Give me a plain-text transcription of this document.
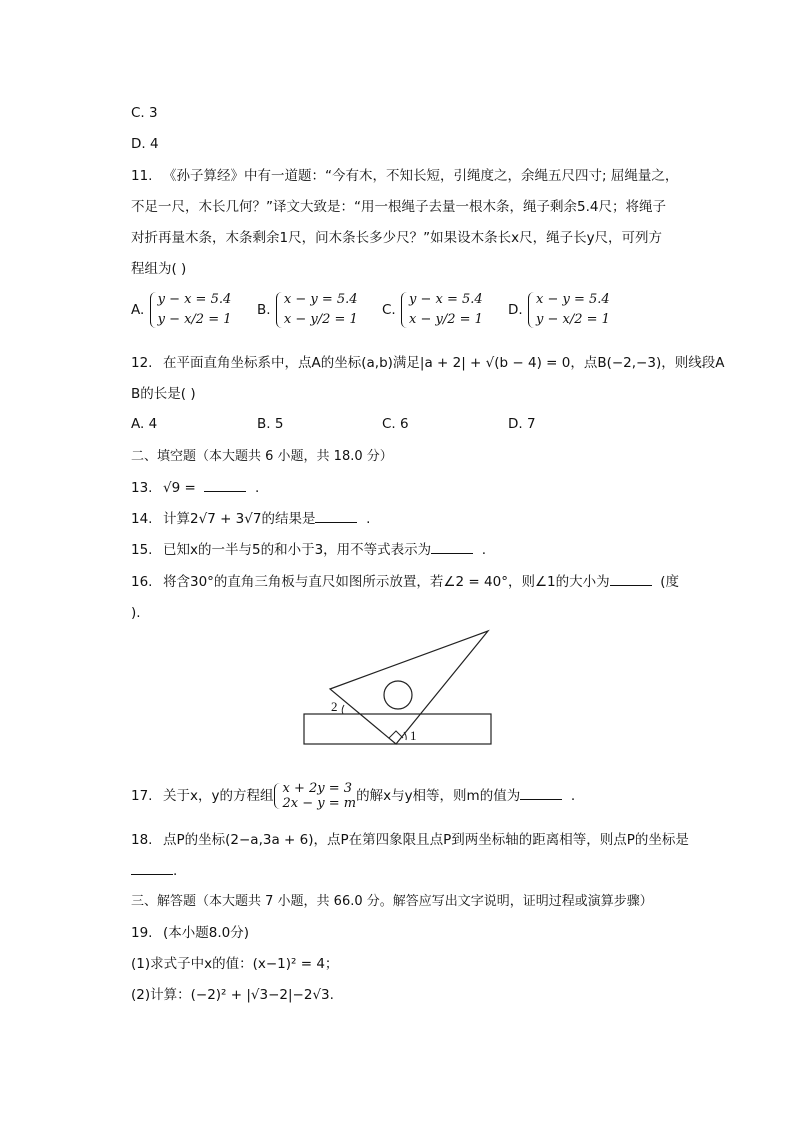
C. 3
D. 4
11. 《孙子算经》中有一道题：“今有木，不知长短，引绳度之，余绳五尺四寸; 屈绳量之，
不足一尺，木长几何？”译文大致是：“用一根绳子去量一根木条，绳子剩余5.4尺；将绳子
对折再量木条，木条剩余1尺，问木条长多少尺？”如果设木条长x尺，绳子长y尺，可列方
程组为( )
A. y − x = 5.4
y − x/2 = 1
B. x − y = 5.4
x − y/2 = 1
C. y − x = 5.4
x − y/2 = 1
D. x − y = 5.4
y − x/2 = 1
12. 在平面直角坐标系中，点A的坐标(a,b)满足|a + 2| + √(b − 4) = 0，点B(−2,−3)，则线段A
B的长是( )
A. 4	B. 5	C. 6	D. 7
二、填空题（本大题共 6 小题，共 18.0 分）
13. √9 =	.
14. 计算2√7 + 3√7的结果是	.
15. 已知x的一半与5的和小于3，用不等式表示为	.
16. 将含30°的直角三角板与直尺如图所示放置，若∠2 = 40°，则∠1的大小为	(度
).
2
1
17. 关于x，y的方程组 x + 2y = 3
2x − y = m的解x与y相等，则m的值为	.
18. 点P的坐标(2−a,3a + 6)，点P在第四象限且点P到两坐标轴的距离相等，则点P的坐标是
.
三、解答题（本大题共 7 小题，共 66.0 分。解答应写出文字说明，证明过程或演算步骤）
19. (本小题8.0分)
(1)求式子中x的值：(x−1)² = 4；
(2)计算：(−2)² + |√3−2|−2√3.
